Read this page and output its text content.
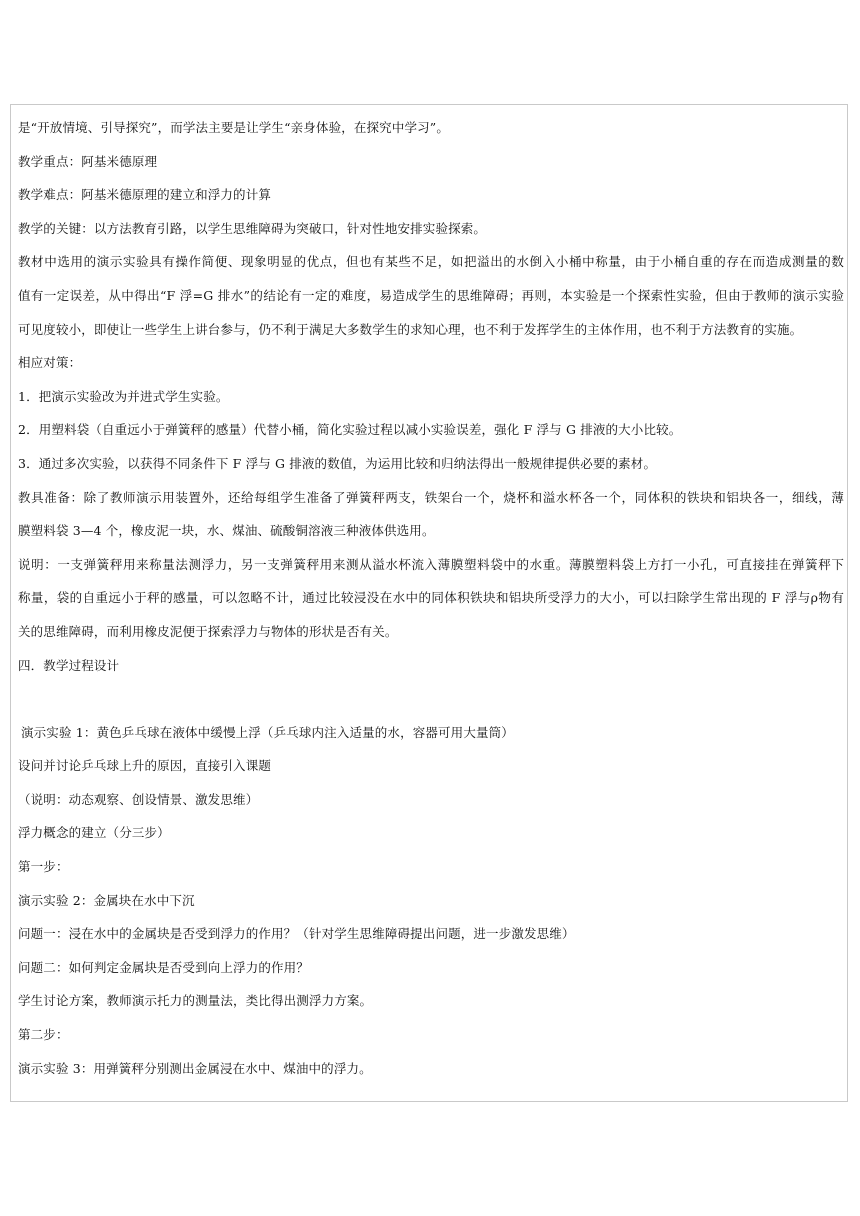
是“开放情境、引导探究”，而学法主要是让学生“亲身体验，在探究中学习”。
教学重点：阿基米德原理
教学难点：阿基米德原理的建立和浮力的计算
教学的关键：以方法教育引路，以学生思维障碍为突破口，针对性地安排实验探索。
教材中选用的演示实验具有操作简便、现象明显的优点，但也有某些不足，如把溢出的水倒入小桶中称量，由于小桶自重的存在而造成测量的数
值有一定误差，从中得出“F 浮=G 排水”的结论有一定的难度，易造成学生的思维障碍；再则，本实验是一个探索性实验，但由于教师的演示实验
可见度较小，即使让一些学生上讲台参与，仍不利于满足大多数学生的求知心理，也不利于发挥学生的主体作用，也不利于方法教育的实施。
相应对策：
1．把演示实验改为并进式学生实验。
2．用塑料袋（自重远小于弹簧秤的感量）代替小桶，简化实验过程以减小实验误差，强化 F 浮与 G 排液的大小比较。
3．通过多次实验，以获得不同条件下 F 浮与 G 排液的数值，为运用比较和归纳法得出一般规律提供必要的素材。
教具准备：除了教师演示用装置外，还给每组学生准备了弹簧秤两支，铁架台一个，烧杯和溢水杯各一个，同体积的铁块和铝块各一，细线，薄
膜塑料袋 3—4 个，橡皮泥一块，水、煤油、硫酸铜溶液三种液体供选用。
说明：一支弹簧秤用来称量法测浮力，另一支弹簧秤用来测从溢水杯流入薄膜塑料袋中的水重。薄膜塑料袋上方打一小孔，可直接挂在弹簧秤下
称量，袋的自重远小于秤的感量，可以忽略不计，通过比较浸没在水中的同体积铁块和铝块所受浮力的大小，可以扫除学生常出现的 F 浮与ρ物有
关的思维障碍，而利用橡皮泥便于探索浮力与物体的形状是否有关。
四．教学过程设计
演示实验 1：黄色乒乓球在液体中缓慢上浮（乒乓球内注入适量的水，容器可用大量筒）
设问并讨论乒乓球上升的原因，直接引入课题
（说明：动态观察、创设情景、激发思维）
浮力概念的建立（分三步）
第一步：
演示实验 2：金属块在水中下沉
问题一：浸在水中的金属块是否受到浮力的作用？（针对学生思维障碍提出问题，进一步激发思维）
问题二：如何判定金属块是否受到向上浮力的作用？
学生讨论方案，教师演示托力的测量法，类比得出测浮力方案。
第二步：
演示实验 3：用弹簧秤分别测出金属浸在水中、煤油中的浮力。
